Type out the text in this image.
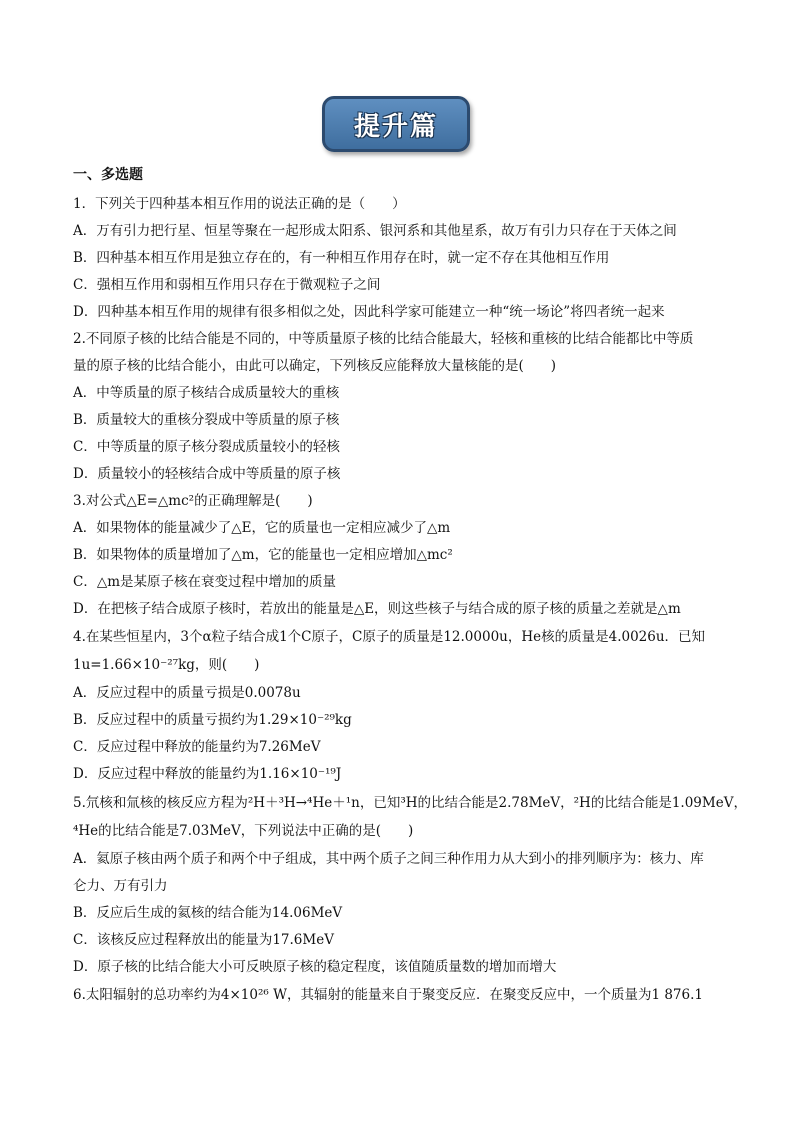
提升篇
一、多选题
1．下列关于四种基本相互作用的说法正确的是（　　）
A．万有引力把行星、恒星等聚在一起形成太阳系、银河系和其他星系，故万有引力只存在于天体之间
B．四种基本相互作用是独立存在的，有一种相互作用存在时，就一定不存在其他相互作用
C．强相互作用和弱相互作用只存在于微观粒子之间
D．四种基本相互作用的规律有很多相似之处，因此科学家可能建立一种“统一场论”将四者统一起来
2.不同原子核的比结合能是不同的，中等质量原子核的比结合能最大，轻核和重核的比结合能都比中等质
量的原子核的比结合能小，由此可以确定，下列核反应能释放大量核能的是(　　)
A．中等质量的原子核结合成质量较大的重核
B．质量较大的重核分裂成中等质量的原子核
C．中等质量的原子核分裂成质量较小的轻核
D．质量较小的轻核结合成中等质量的原子核
3.对公式△E=△mc²的正确理解是(　　)
A．如果物体的能量减少了△E，它的质量也一定相应减少了△m
B．如果物体的质量增加了△m，它的能量也一定相应增加△mc²
C．△m是某原子核在衰变过程中增加的质量
D．在把核子结合成原子核时，若放出的能量是△E，则这些核子与结合成的原子核的质量之差就是△m
4.在某些恒星内，3个α粒子结合成1个C原子，C原子的质量是12.0000u，He核的质量是4.0026u．已知
1u=1.66×10⁻²⁷kg，则(　　)
A．反应过程中的质量亏损是0.0078u
B．反应过程中的质量亏损约为1.29×10⁻²⁹kg
C．反应过程中释放的能量约为7.26MeV
D．反应过程中释放的能量约为1.16×10⁻¹⁹J
5.氘核和氚核的核反应方程为²H＋³H→⁴He＋¹n，已知³H的比结合能是2.78MeV，²H的比结合能是1.09MeV，
⁴He的比结合能是7.03MeV，下列说法中正确的是(　　)
A．氦原子核由两个质子和两个中子组成，其中两个质子之间三种作用力从大到小的排列顺序为：核力、库
仑力、万有引力
B．反应后生成的氦核的结合能为14.06MeV
C．该核反应过程释放出的能量为17.6MeV
D．原子核的比结合能大小可反映原子核的稳定程度，该值随质量数的增加而增大
6.太阳辐射的总功率约为4×10²⁶ W，其辐射的能量来自于聚变反应．在聚变反应中，一个质量为1 876.1
